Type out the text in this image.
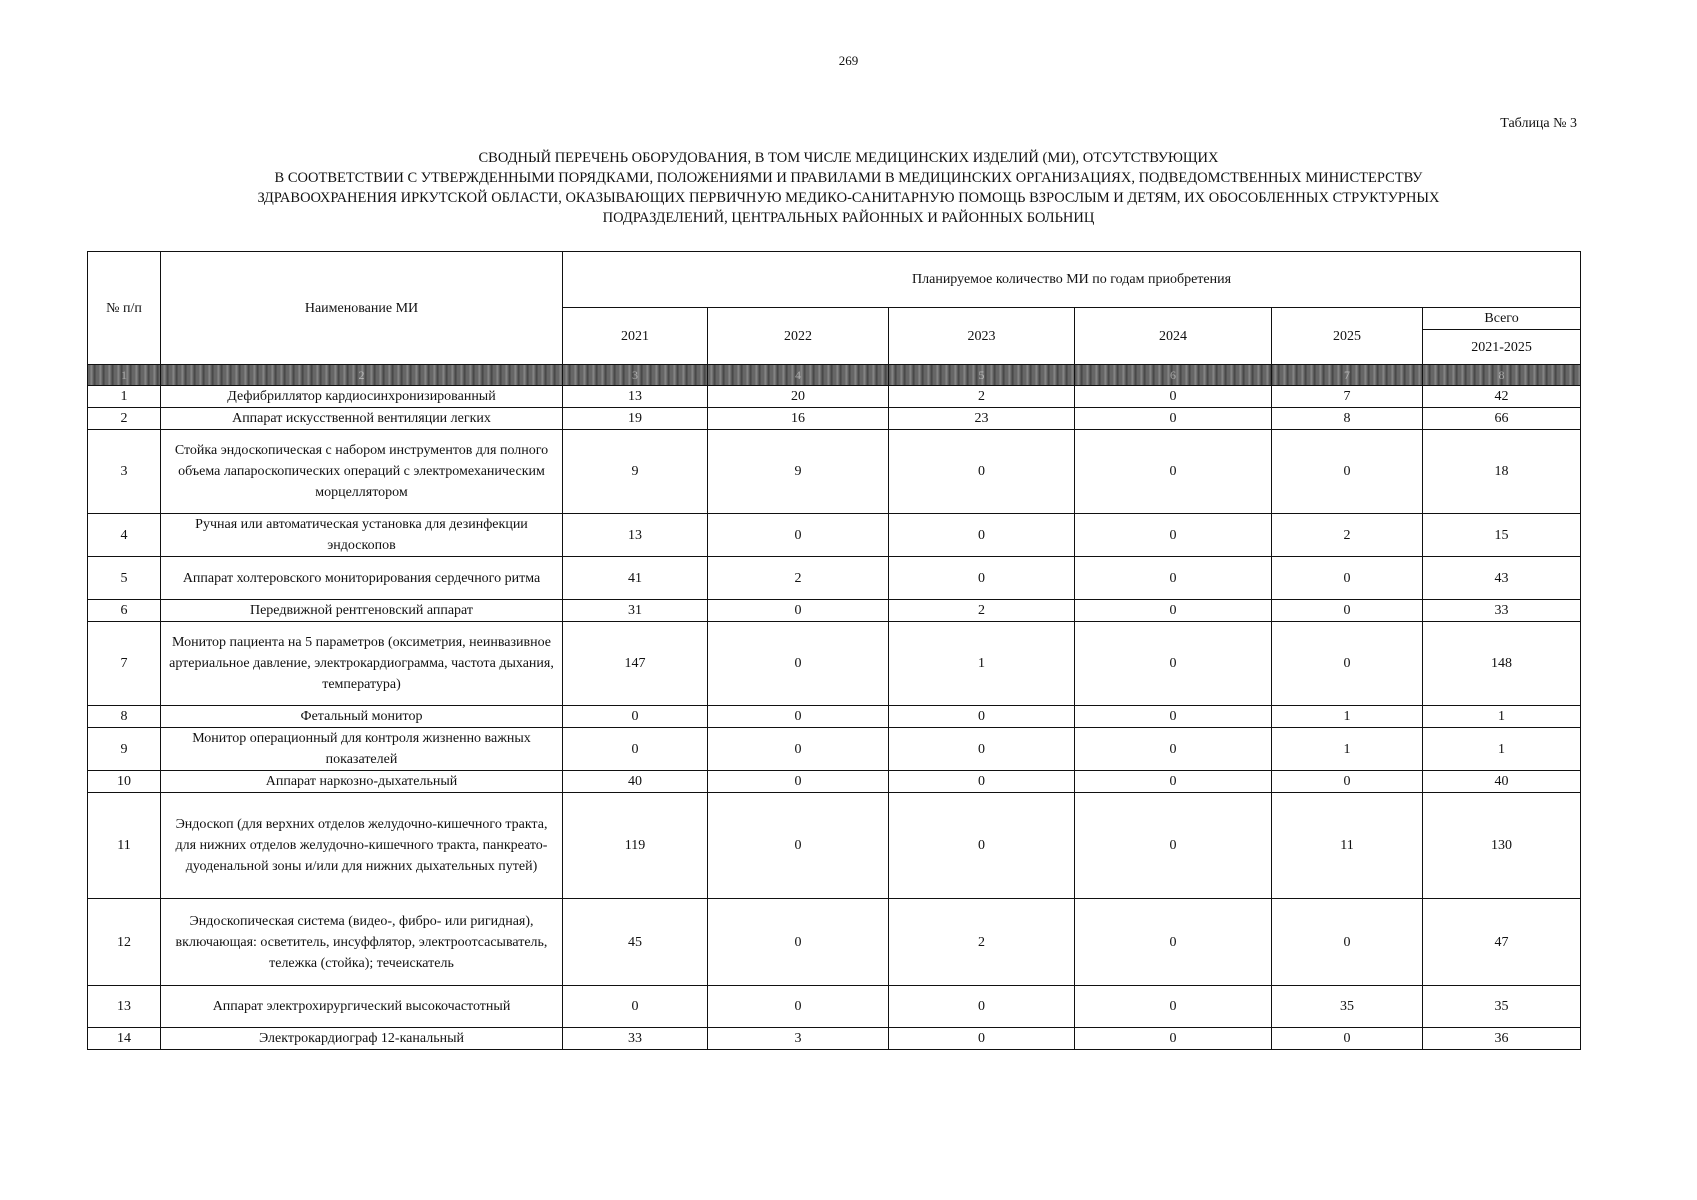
269
Таблица № 3
СВОДНЫЙ ПЕРЕЧЕНЬ ОБОРУДОВАНИЯ, В ТОМ ЧИСЛЕ МЕДИЦИНСКИХ ИЗДЕЛИЙ (МИ), ОТСУТСТВУЮЩИХ
В СООТВЕТСТВИИ С УТВЕРЖДЕННЫМИ ПОРЯДКАМИ, ПОЛОЖЕНИЯМИ И ПРАВИЛАМИ В МЕДИЦИНСКИХ ОРГАНИЗАЦИЯХ, ПОДВЕДОМСТВЕННЫХ МИНИСТЕРСТВУ
ЗДРАВООХРАНЕНИЯ ИРКУТСКОЙ ОБЛАСТИ, ОКАЗЫВАЮЩИХ ПЕРВИЧНУЮ МЕДИКО-САНИТАРНУЮ ПОМОЩЬ ВЗРОСЛЫМ И ДЕТЯМ, ИХ ОБОСОБЛЕННЫХ СТРУКТУРНЫХ
ПОДРАЗДЕЛЕНИЙ, ЦЕНТРАЛЬНЫХ РАЙОННЫХ И РАЙОННЫХ БОЛЬНИЦ
№ п/п	Наименование МИ	Планируемое количество МИ по годам приобретения					
		2021	2022	2023	2024	2025	Всего
							2021-2025
1	2	3	4	5	6	7	8
1	Дефибриллятор кардиосинхронизированный	13	20	2	0	7	42
2	Аппарат искусственной вентиляции легких	19	16	23	0	8	66
3	Стойка эндоскопическая с набором инструментов для полного объема лапароскопических операций с электромеханическим морцеллятором	9	9	0	0	0	18
4	Ручная или автоматическая установка для дезинфекции эндоскопов	13	0	0	0	2	15
5	Аппарат холтеровского мониторирования сердечного ритма	41	2	0	0	0	43
6	Передвижной рентгеновский аппарат	31	0	2	0	0	33
7	Монитор пациента на 5 параметров (оксиметрия, неинвазивное артериальное давление, электрокардиограмма, частота дыхания, температура)	147	0	1	0	0	148
8	Фетальный монитор	0	0	0	0	1	1
9	Монитор операционный для контроля жизненно важных показателей	0	0	0	0	1	1
10	Аппарат наркозно-дыхательный	40	0	0	0	0	40
11	Эндоскоп (для верхних отделов желудочно-кишечного тракта, для нижних отделов желудочно-кишечного тракта, панкреато-дуоденальной зоны и/или для нижних дыхательных путей)	119	0	0	0	11	130
12	Эндоскопическая система (видео-, фибро- или ригидная), включающая: осветитель, инсуффлятор, электроотсасыватель, тележка (стойка); течеискатель	45	0	2	0	0	47
13	Аппарат электрохирургический высокочастотный	0	0	0	0	35	35
14	Электрокардиограф 12-канальный	33	3	0	0	0	36
